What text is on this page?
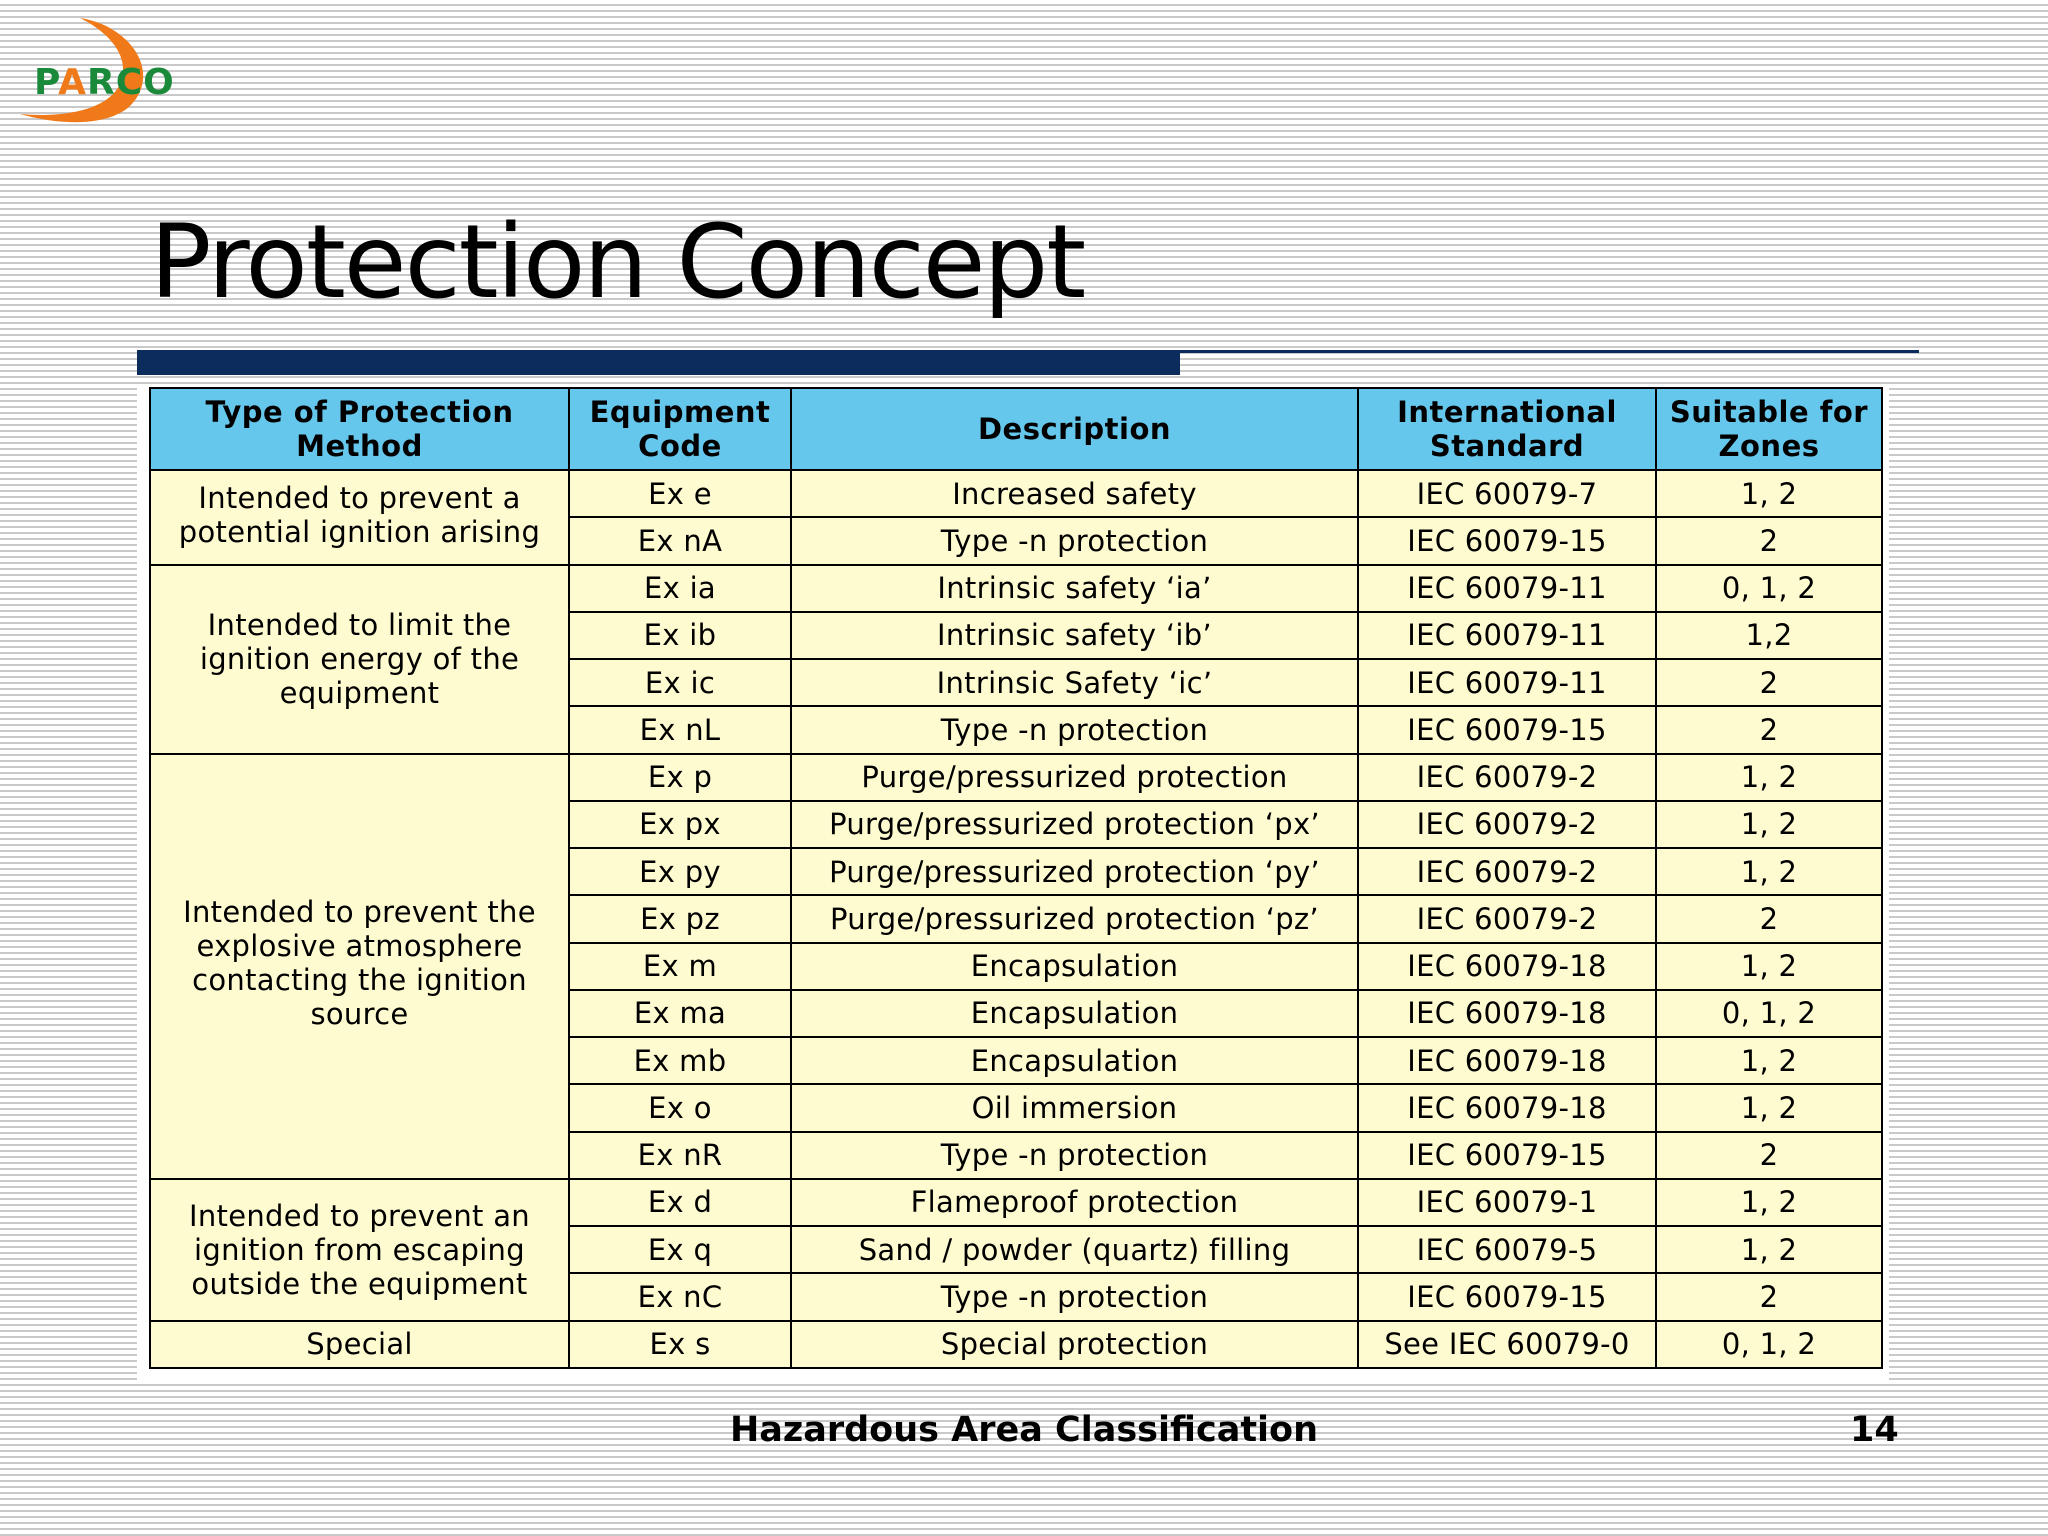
PARCO
Protection Concept
Type of Protection Method	Equipment Code	Description	International Standard	Suitable for Zones
Intended to prevent a potential ignition arising	Ex e	Increased safety	IEC 60079-7	1, 2
	Ex nA	Type -n protection	IEC 60079-15	2
Intended to limit the ignition energy of the equipment	Ex ia	Intrinsic safety ‘ia’	IEC 60079-11	0, 1, 2
	Ex ib	Intrinsic safety ‘ib’	IEC 60079-11	1,2
	Ex ic	Intrinsic Safety ‘ic’	IEC 60079-11	2
	Ex nL	Type -n protection	IEC 60079-15	2
Intended to prevent the explosive atmosphere contacting the ignition source	Ex p	Purge/pressurized protection	IEC 60079-2	1, 2
	Ex px	Purge/pressurized protection ‘px’	IEC 60079-2	1, 2
	Ex py	Purge/pressurized protection ‘py’	IEC 60079-2	1, 2
	Ex pz	Purge/pressurized protection ‘pz’	IEC 60079-2	2
	Ex m	Encapsulation	IEC 60079-18	1, 2
	Ex ma	Encapsulation	IEC 60079-18	0, 1, 2
	Ex mb	Encapsulation	IEC 60079-18	1, 2
	Ex o	Oil immersion	IEC 60079-18	1, 2
	Ex nR	Type -n protection	IEC 60079-15	2
Intended to prevent an ignition from escaping outside the equipment	Ex d	Flameproof protection	IEC 60079-1	1, 2
	Ex q	Sand / powder (quartz) filling	IEC 60079-5	1, 2
	Ex nC	Type -n protection	IEC 60079-15	2
Special	Ex s	Special protection	See IEC 60079-0	0, 1, 2
Hazardous Area Classification	14
